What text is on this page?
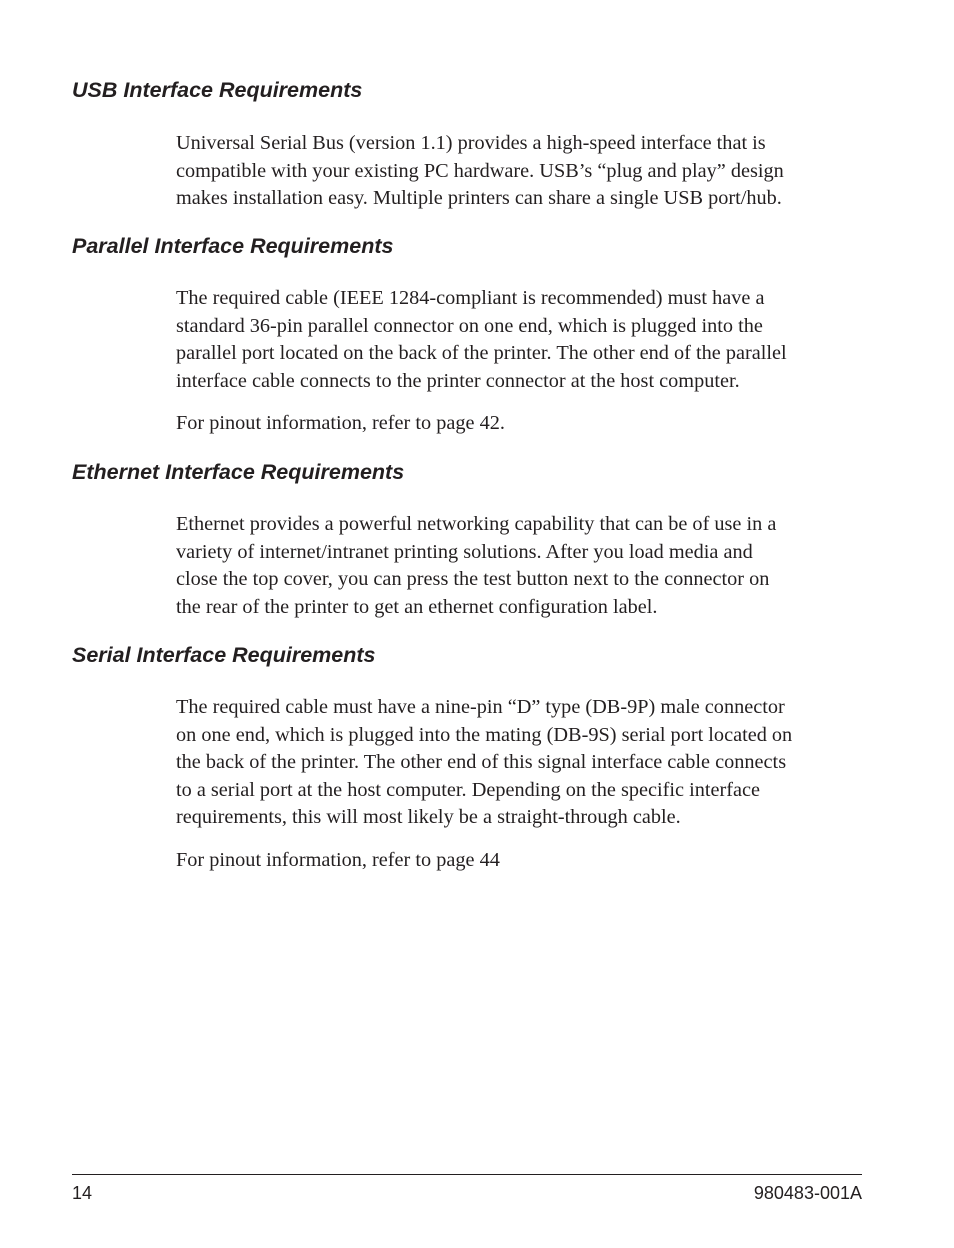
USB Interface Requirements

Universal Serial Bus (version 1.1) provides a high-speed interface that is
compatible with your existing PC hardware. USB’s “plug and play” design
makes installation easy. Multiple printers can share a single USB port/hub.

Parallel Interface Requirements

The required cable (IEEE 1284-compliant is recommended) must have a
standard 36-pin parallel connector on one end, which is plugged into the
parallel port located on the back of the printer. The other end of the parallel
interface cable connects to the printer connector at the host computer.

For pinout information, refer to page 42.

Ethernet Interface Requirements

Ethernet provides a powerful networking capability that can be of use in a
variety of internet/intranet printing solutions. After you load media and
close the top cover, you can press the test button next to the connector on
the rear of the printer to get an ethernet configuration label.

Serial Interface Requirements

The required cable must have a nine-pin “D” type (DB-9P) male connector
on one end, which is plugged into the mating (DB-9S) serial port located on
the back of the printer. The other end of this signal interface cable connects
to a serial port at the host computer. Depending on the specific interface
requirements, this will most likely be a straight-through cable.

For pinout information, refer to page 44

14	980483-001A
